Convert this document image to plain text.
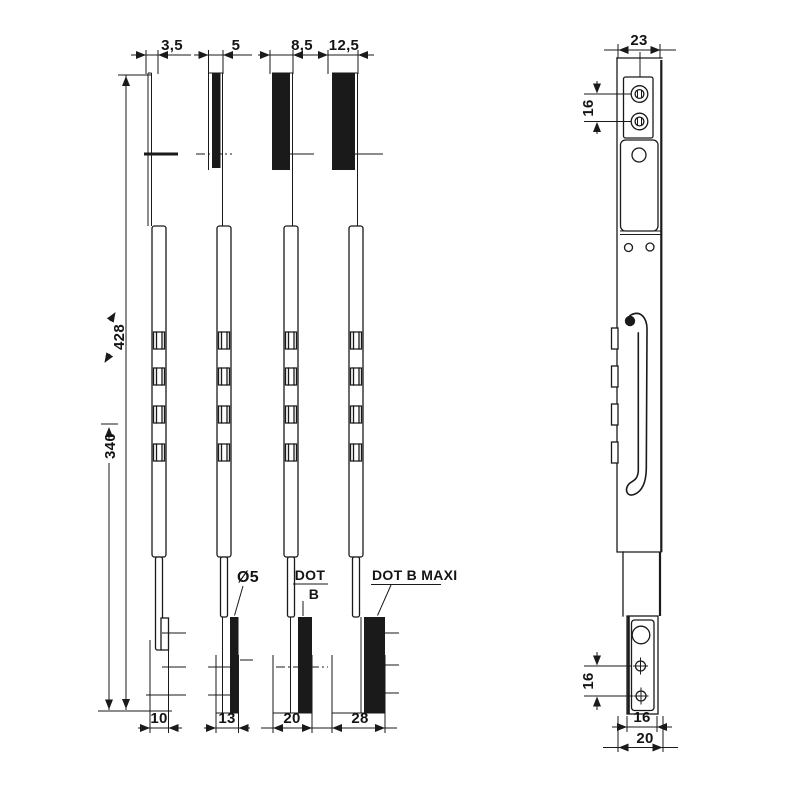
428
340
3,5
10
5
13
8,5
20
DOT
B
12,5
28
DOT B MAXI
Ø5
23
16
16
16
20
